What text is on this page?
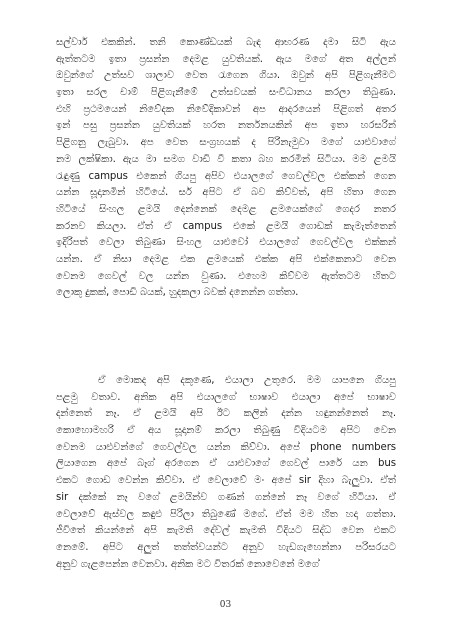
සල්වාර් එකකින්. තනි කොණ්ඩයක් බැඳ ආභරණ දමා සිටි ඇය
ඇත්තටම ඉතා ප්‍රසන්න දෙමළ යුවතියක්. ඇය මගේ අත අල්ලන්
ඔවුන්ගේ උත්සව ශාලාව වෙත රැගෙන ගියා. ඔවුන් අපි පිළිගැනීමට
ඉතා සරල චාම් පිළිගැනීමේ උත්සවයක් සංවිධානය කරලා තිබුණා.
එහි ප්‍රථමයෙන් නිවේදක නිවේදිකාවන් අප ආදරයෙන් පිළිගත් අතර
ඉන් පසු ප්‍රසන්න යුවතියක් හරත නර්තනයකින් අප ඉතා හරසරින්
පිළිගනු ලැබුවා. අප වෙත සංග්‍රහයක් ද පිරිනැමුවා මගේ යාළුවාගේ
නම ලක්ෂිකා. ඇය මා සමග වාඩි වී කතා බහ කරමින් සිටියා. මම ළමයි
රැඳුණු campus එකෙන් ගියපු අපිව එයාලගේ ගෙවල්වල එක්කන් ගෙන
යන්න සූදානමින් හිටියේ. සර් අපිට ඒ බව කිව්වත්, අපි හිතා ගෙන
හිටියේ සිංහල ළමයි දෙන්නෙක් දෙමළ ළමයෙක්ගේ ගෙදර නතර
කරනව කියලා. ඒත් ඒ campus එකේ ළමයි ගොඩක් කැමැත්තෙන්
ඉදිරිපත් වෙලා තිබුණා සිංහල යාළුවෝ එයාලගේ ගෙවල්වල එක්කන්
යන්න. ඒ නිසා දෙමළ එක ළමයෙක් එක්ක අපි එක්කෙනාට වෙන
වෙනම ගෙවල් වල යන්න වුණා. එහෙම කිව්වම ඇත්තටම හිතට
ලොකු දුකක්, පොඩි බයක්, හුදකලා බවක් දනෙන්න ගත්තා.
ඒ මොකද අපි දකුණෙ, එයාලා උතුරෙ. මම යාපනෙ ගියපු
පළමු වතාව. අනික අපි එයාලගේ භාෂාව එයාලා අපේ භාෂාව
දන්නෙත් නෑ. ඒ ළමයි අපි ඊට කලින් දන්න හඳුනන්නෙත් නෑ.
කොහොමහරි ඒ අය සූදානම් කරලා තිබුණු විදියටම අපිට වෙන
වෙනම යාළුවන්ගේ ගෙවල්වල යන්න කිව්වා. අපේ phone numbers
ලියාගෙන අපේ බෑග් අරගෙන ඒ යාළුවාගේ ගෙවල් පාරේ යන bus
එකට ගොඩ වෙන්න කිව්වා. ඒ වෙලාවේ මං අපේ sir දිහා බැලුවා. ඒත්
sir දක්කේ නෑ වගේ ළමයින්ව ගණන් ගන්නේ නෑ වගේ හිටියා. ඒ
වෙලාවේ ඇස්වල කඳුළු පිරිලා තිබුණේ මගේ. ඒත් මම හිත හදා ගත්තා.
ජීවිතේ කියන්නේ අපි කැමති දේවල් කැමති විදියට සිද්ධ වෙන එකට
නෙමේ. අපිට අලුත් තත්ත්වයන්ට අනුව හැඩගැහෙන්නා පරිසරයට
අනුව ගැළපෙන්න වෙනවා. අනික මට විතරක් නොවෙනේ මගේ
03
